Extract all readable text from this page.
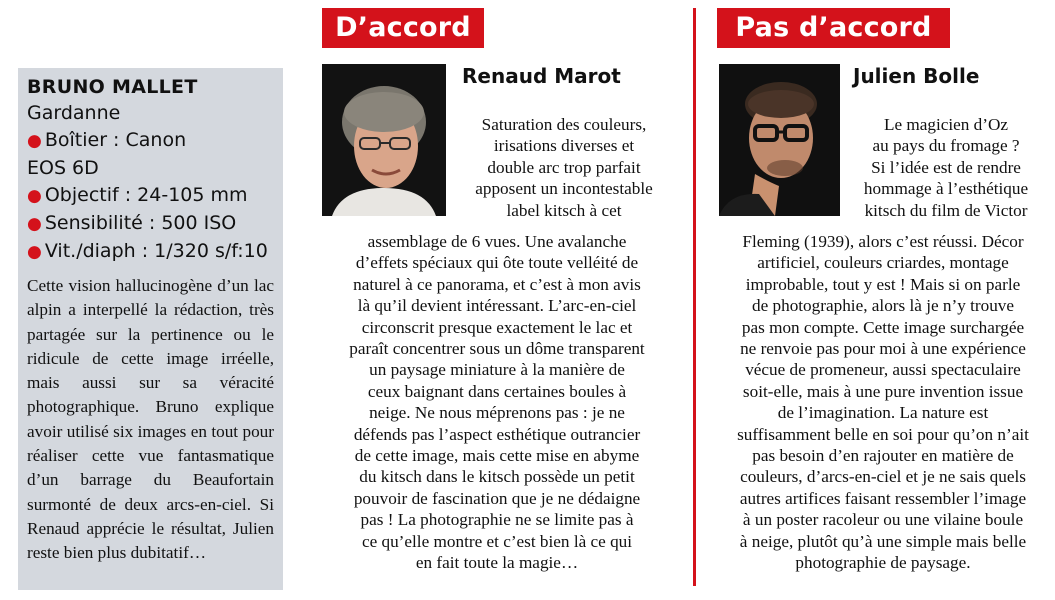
BRUNO MALLET
Gardanne
● Boîtier : Canon
EOS 6D
● Objectif : 24-105 mm
● Sensibilité : 500 ISO
● Vit./diaph : 1/320 s/f:10

Cette vision hallucinogène d’un lac alpin a interpellé la rédaction, très partagée sur la pertinence ou le ridicule de cette image irréelle, mais aussi sur sa véracité photographique. Bruno explique avoir utilisé six images en tout pour réaliser cette vue fantasmatique d’un barrage du Beaufortain surmonté de deux arcs-en-ciel. Si Renaud apprécie le résultat, Julien reste bien plus dubitatif…

D’accord	Pas d’accord
Renaud Marot
Saturation des couleurs,
irisations diverses et
double arc trop parfait
apposent un incontestable
label kitsch à cet
assemblage de 6 vues. Une avalanche
d’effets spéciaux qui ôte toute velléité de
naturel à ce panorama, et c’est à mon avis
là qu’il devient intéressant. L’arc-en-ciel
circonscrit presque exactement le lac et
paraît concentrer sous un dôme transparent
un paysage miniature à la manière de
ceux baignant dans certaines boules à
neige. Ne nous méprenons pas : je ne
défends pas l’aspect esthétique outrancier
de cette image, mais cette mise en abyme
du kitsch dans le kitsch possède un petit
pouvoir de fascination que je ne dédaigne
pas ! La photographie ne se limite pas à
ce qu’elle montre et c’est bien là ce qui
en fait toute la magie…
Julien Bolle
Le magicien d’Oz
au pays du fromage ?
Si l’idée est de rendre
hommage à l’esthétique
kitsch du film de Victor
Fleming (1939), alors c’est réussi. Décor
artificiel, couleurs criardes, montage
improbable, tout y est ! Mais si on parle
de photographie, alors là je n’y trouve
pas mon compte. Cette image surchargée
ne renvoie pas pour moi à une expérience
vécue de promeneur, aussi spectaculaire
soit-elle, mais à une pure invention issue
de l’imagination. La nature est
suffisamment belle en soi pour qu’on n’ait
pas besoin d’en rajouter en matière de
couleurs, d’arcs-en-ciel et je ne sais quels
autres artifices faisant ressembler l’image
à un poster racoleur ou une vilaine boule
à neige, plutôt qu’à une simple mais belle
photographie de paysage.
